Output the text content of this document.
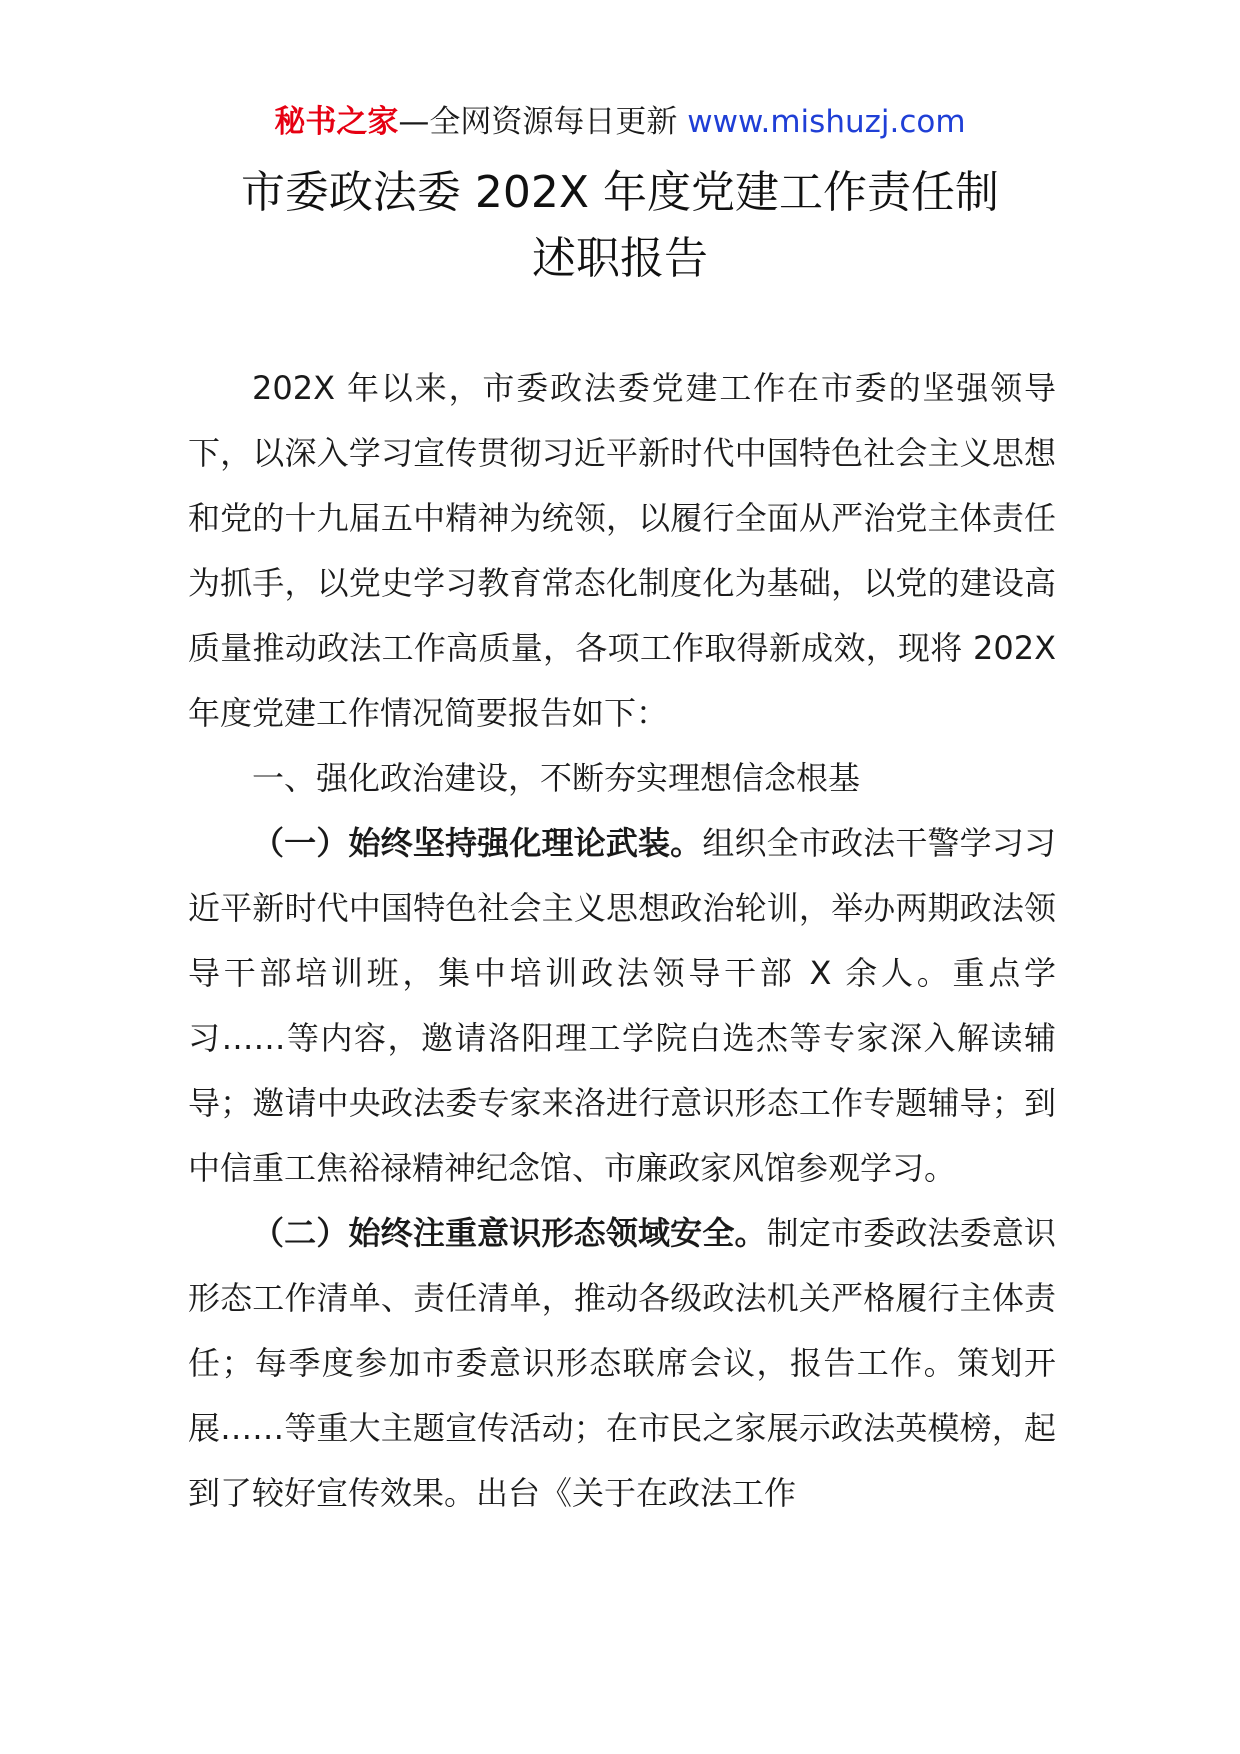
秘书之家—全网资源每日更新 www.mishuzj.com
市委政法委 202X 年度党建工作责任制
述职报告

202X 年以来，市委政法委党建工作在市委的坚强领导下，以深入学习宣传贯彻习近平新时代中国特色社会主义思想和党的十九届五中精神为统领，以履行全面从严治党主体责任为抓手，以党史学习教育常态化制度化为基础，以党的建设高质量推动政法工作高质量，各项工作取得新成效，现将 202X 年度党建工作情况简要报告如下：

一、强化政治建设，不断夯实理想信念根基

（一）始终坚持强化理论武装。组织全市政法干警学习习近平新时代中国特色社会主义思想政治轮训，举办两期政法领导干部培训班，集中培训政法领导干部 X 余人。重点学习……等内容，邀请洛阳理工学院白选杰等专家深入解读辅导；邀请中央政法委专家来洛进行意识形态工作专题辅导；到中信重工焦裕禄精神纪念馆、市廉政家风馆参观学习。

（二）始终注重意识形态领域安全。制定市委政法委意识形态工作清单、责任清单，推动各级政法机关严格履行主体责任；每季度参加市委意识形态联席会议，报告工作。策划开展……等重大主题宣传活动；在市民之家展示政法英模榜，起到了较好宣传效果。出台《关于在政法工作
